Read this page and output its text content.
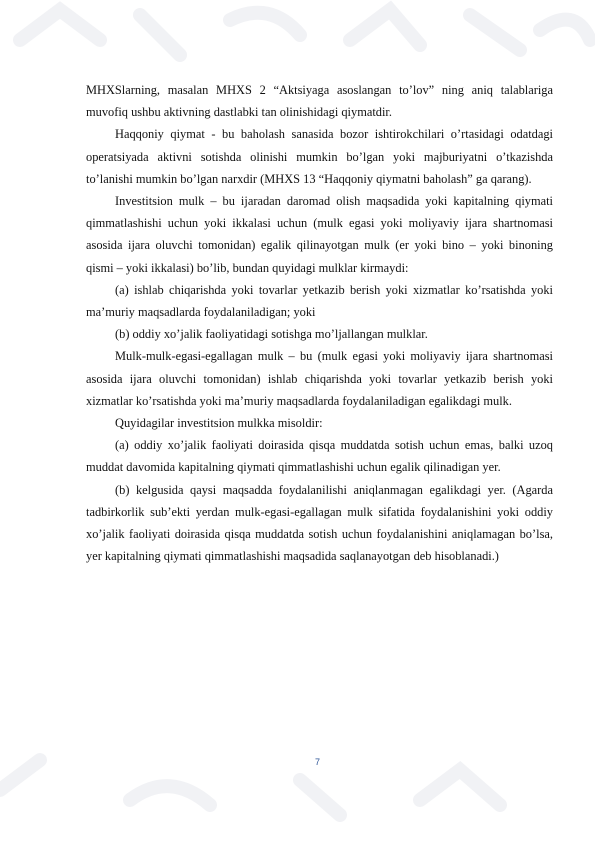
MHXSlarning, masalan MHXS 2 “Aktsiyaga asoslangan to’lov” ning aniq talablariga muvofiq ushbu aktivning dastlabki tan olinishidagi qiymatdir.

Haqqoniy qiymat - bu baholash sanasida bozor ishtirokchilari o’rtasidagi odatdagi operatsiyada aktivni sotishda olinishi mumkin bo’lgan yoki majburiyatni o’tkazishda to’lanishi mumkin bo’lgan narxdir (MHXS 13 “Haqqoniy qiymatni baholash” ga qarang).

Investitsion mulk – bu ijaradan daromad olish maqsadida yoki kapitalning qiymati qimmatlashishi uchun yoki ikkalasi uchun (mulk egasi yoki moliyaviy ijara shartnomasi asosida ijara oluvchi tomonidan) egalik qilinayotgan mulk (er yoki bino – yoki binoning qismi – yoki ikkalasi) bo’lib, bundan quyidagi mulklar kirmaydi:

(a) ishlab chiqarishda yoki tovarlar yetkazib berish yoki xizmatlar ko’rsatishda yoki ma’muriy maqsadlarda foydalaniladigan; yoki

(b) oddiy xo’jalik faoliyatidagi sotishga mo’ljallangan mulklar.

Mulk-mulk-egasi-egallagan mulk – bu (mulk egasi yoki moliyaviy ijara shartnomasi asosida ijara oluvchi tomonidan) ishlab chiqarishda yoki tovarlar yetkazib berish yoki xizmatlar ko’rsatishda yoki ma’muriy maqsadlarda foydalaniladigan egalikdagi mulk.

Quyidagilar investitsion mulkka misoldir:

(a) oddiy xo’jalik faoliyati doirasida qisqa muddatda sotish uchun emas, balki uzoq muddat davomida kapitalning qiymati qimmatlashishi uchun egalik qilinadigan yer.

(b) kelgusida qaysi maqsadda foydalanilishi aniqlanmagan egalikdagi yer. (Agarda tadbirkorlik sub’ekti yerdan mulk-egasi-egallagan mulk sifatida foydalanishini yoki oddiy xo’jalik faoliyati doirasida qisqa muddatda sotish uchun foydalanishini aniqlamagan bo’lsa, yer kapitalning qiymati qimmatlashishi maqsadida saqlanayotgan deb hisoblanadi.)

7
